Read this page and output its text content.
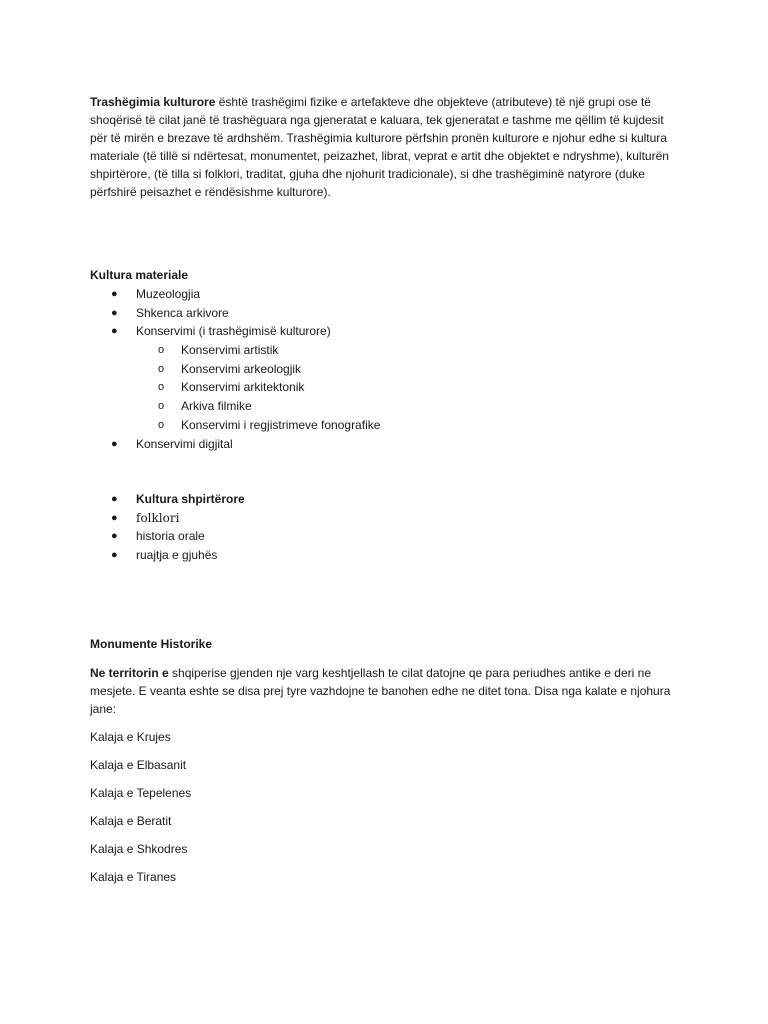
Trashëgimia kulturore është trashëgimi fizike e artefakteve dhe objekteve (atributeve) të një grupi ose të shoqërisë të cilat janë të trashëguara nga gjeneratat e kaluara, tek gjeneratat e tashme me qëllim të kujdesit për të mirën e brezave të ardhshëm. Trashëgimia kulturore përfshin pronën kulturore e njohur edhe si kultura materiale (të tillë si ndërtesat, monumentet, peizazhet, librat, veprat e artit dhe objektet e ndryshme), kulturën shpirtërore, (të tilla si folklori, traditat, gjuha dhe njohurit tradicionale), si dhe trashëgiminë natyrore (duke përfshirë peisazhet e rëndësishme kulturore).

Kultura materiale

● Muzeologjia
● Shkenca arkivore
● Konservimi (i trashëgimisë kulturore)
o Konservimi artistik
o Konservimi arkeologjik
o Konservimi arkitektonik
o Arkiva filmike
o Konservimi i regjistrimeve fonografike
● Konservimi digjital
● Kultura shpirtërore
● folklori
● historia orale
● ruajtja e gjuhës

Monumente Historike

Ne territorin e shqiperise gjenden nje varg keshtjellash te cilat datojne qe para periudhes antike e deri ne mesjete. E veanta eshte se disa prej tyre vazhdojne te banohen edhe ne ditet tona. Disa nga kalate e njohura jane:

Kalaja e Krujes

Kalaja e Elbasanit

Kalaja e Tepelenes

Kalaja e Beratit

Kalaja e Shkodres

Kalaja e Tiranes
